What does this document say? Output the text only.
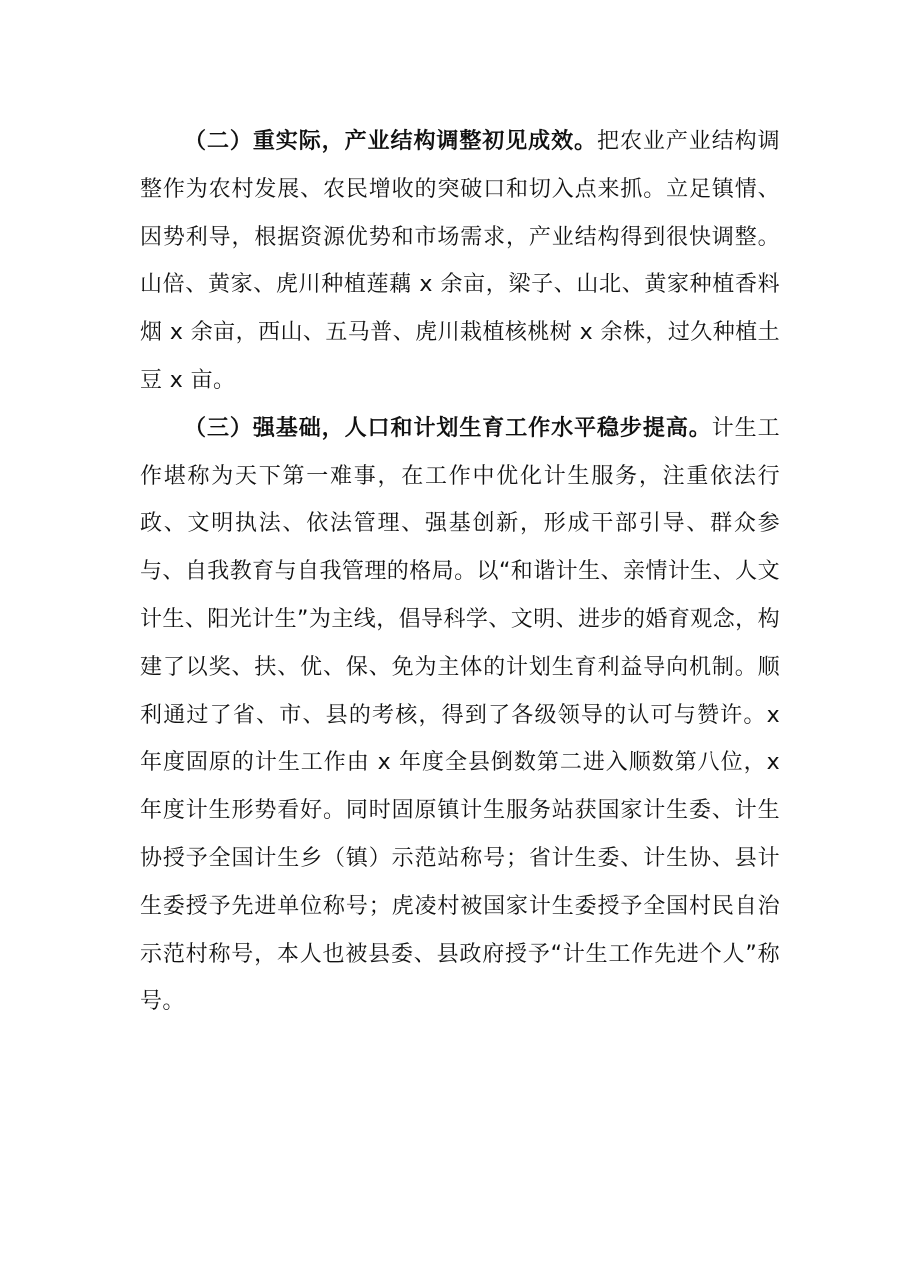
（二）重实际，产业结构调整初见成效。把农业产业结构调整作为农村发展、农民增收的突破口和切入点来抓。立足镇情、因势利导，根据资源优势和市场需求，产业结构得到很快调整。山倍、黄家、虎川种植莲藕 x 余亩，梁子、山北、黄家种植香料烟 x 余亩，西山、五马普、虎川栽植核桃树 x 余株，过久种植土豆 x 亩。

（三）强基础，人口和计划生育工作水平稳步提高。计生工作堪称为天下第一难事，在工作中优化计生服务，注重依法行政、文明执法、依法管理、强基创新，形成干部引导、群众参与、自我教育与自我管理的格局。以“和谐计生、亲情计生、人文计生、阳光计生”为主线，倡导科学、文明、进步的婚育观念，构建了以奖、扶、优、保、免为主体的计划生育利益导向机制。顺利通过了省、市、县的考核，得到了各级领导的认可与赞许。x 年度固原的计生工作由 x 年度全县倒数第二进入顺数第八位，x 年度计生形势看好。同时固原镇计生服务站获国家计生委、计生协授予全国计生乡（镇）示范站称号；省计生委、计生协、县计生委授予先进单位称号；虎凌村被国家计生委授予全国村民自治示范村称号，本人也被县委、县政府授予“计生工作先进个人”称号。
